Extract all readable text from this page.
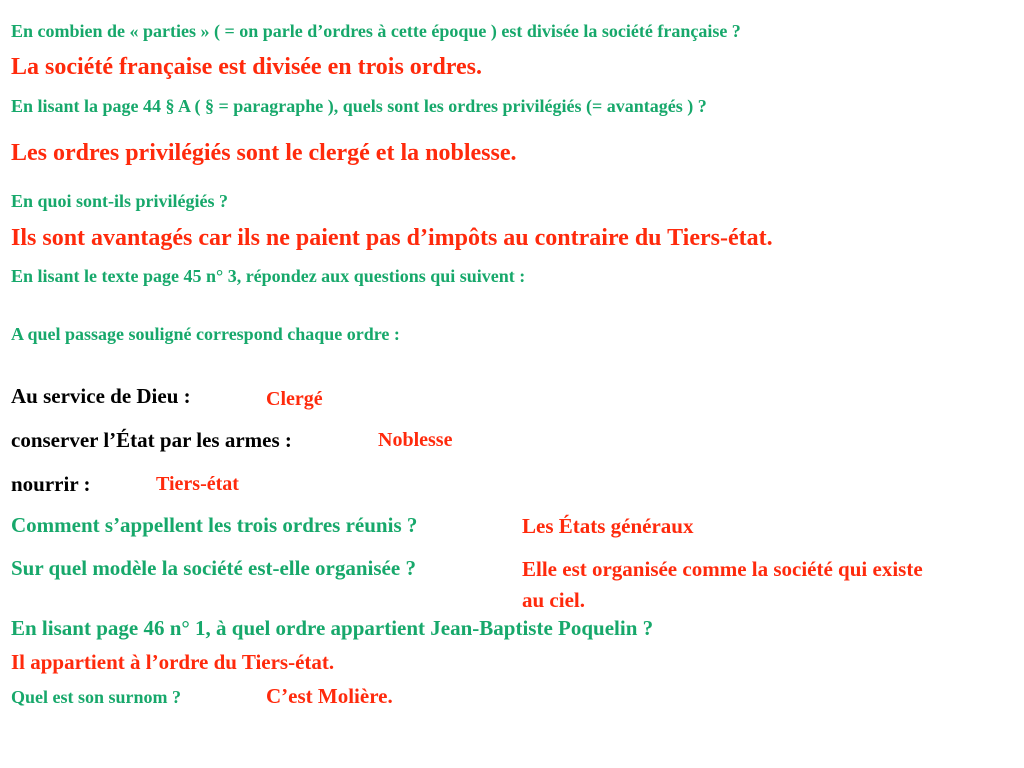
En combien de « parties » ( = on parle d’ordres à cette époque ) est divisée la société française ?

La société française est divisée en trois ordres.

En lisant la page 44 § A ( § = paragraphe ), quels sont les ordres privilégiés (= avantagés ) ?

Les ordres privilégiés sont le clergé et la noblesse.

En quoi sont-ils privilégiés ?

Ils sont avantagés car ils ne paient pas d’impôts au contraire du Tiers-état.

En lisant le texte page 45 n° 3, répondez aux questions qui suivent :

A quel passage souligné correspond chaque ordre :

Au service de Dieu :	Clergé

conserver l’État par les armes :	Noblesse

nourrir :	Tiers-état

Comment s’appellent les trois ordres réunis ?	Les États généraux

Sur quel modèle la société est-elle organisée ?	Elle est organisée comme la société qui existe

au ciel.

En lisant page 46 n° 1, à quel ordre appartient Jean-Baptiste Poquelin ?

Il appartient à l’ordre du Tiers-état.

Quel est son surnom ?	C’est Molière.
